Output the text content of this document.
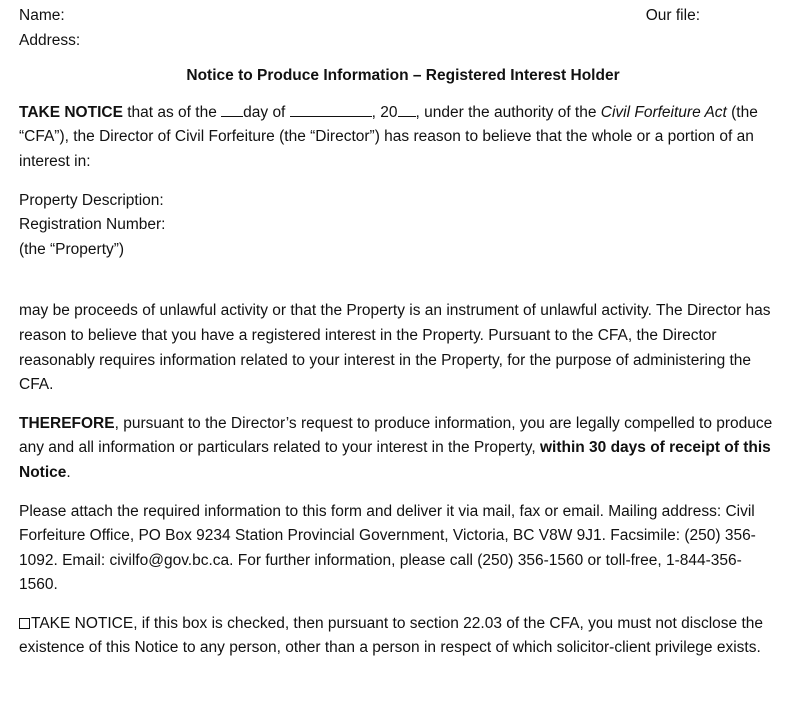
Name:
Address:
Our file:
Notice to Produce Information – Registered Interest Holder

TAKE NOTICE that as of the day of	, 20 , under the authority of the Civil Forfeiture Act (the “CFA”), the Director of Civil Forfeiture (the “Director”) has reason to believe that the whole or a portion of an interest in:

Property Description:
Registration Number:
(the “Property”)

may be proceeds of unlawful activity or that the Property is an instrument of unlawful activity. The Director has reason to believe that you have a registered interest in the Property. Pursuant to the CFA, the Director reasonably requires information related to your interest in the Property, for the purpose of administering the CFA.

THEREFORE, pursuant to the Director’s request to produce information, you are legally compelled to produce any and all information or particulars related to your interest in the Property, within 30 days of receipt of this Notice.

Please attach the required information to this form and deliver it via mail, fax or email. Mailing address: Civil Forfeiture Office, PO Box 9234 Station Provincial Government, Victoria, BC V8W 9J1. Facsimile: (250) 356-1092. Email: civilfo@gov.bc.ca. For further information, please call (250) 356-1560 or toll-free, 1-844-356-1560.

TAKE NOTICE, if this box is checked, then pursuant to section 22.03 of the CFA, you must not disclose the existence of this Notice to any person, other than a person in respect of which solicitor-client privilege exists.
